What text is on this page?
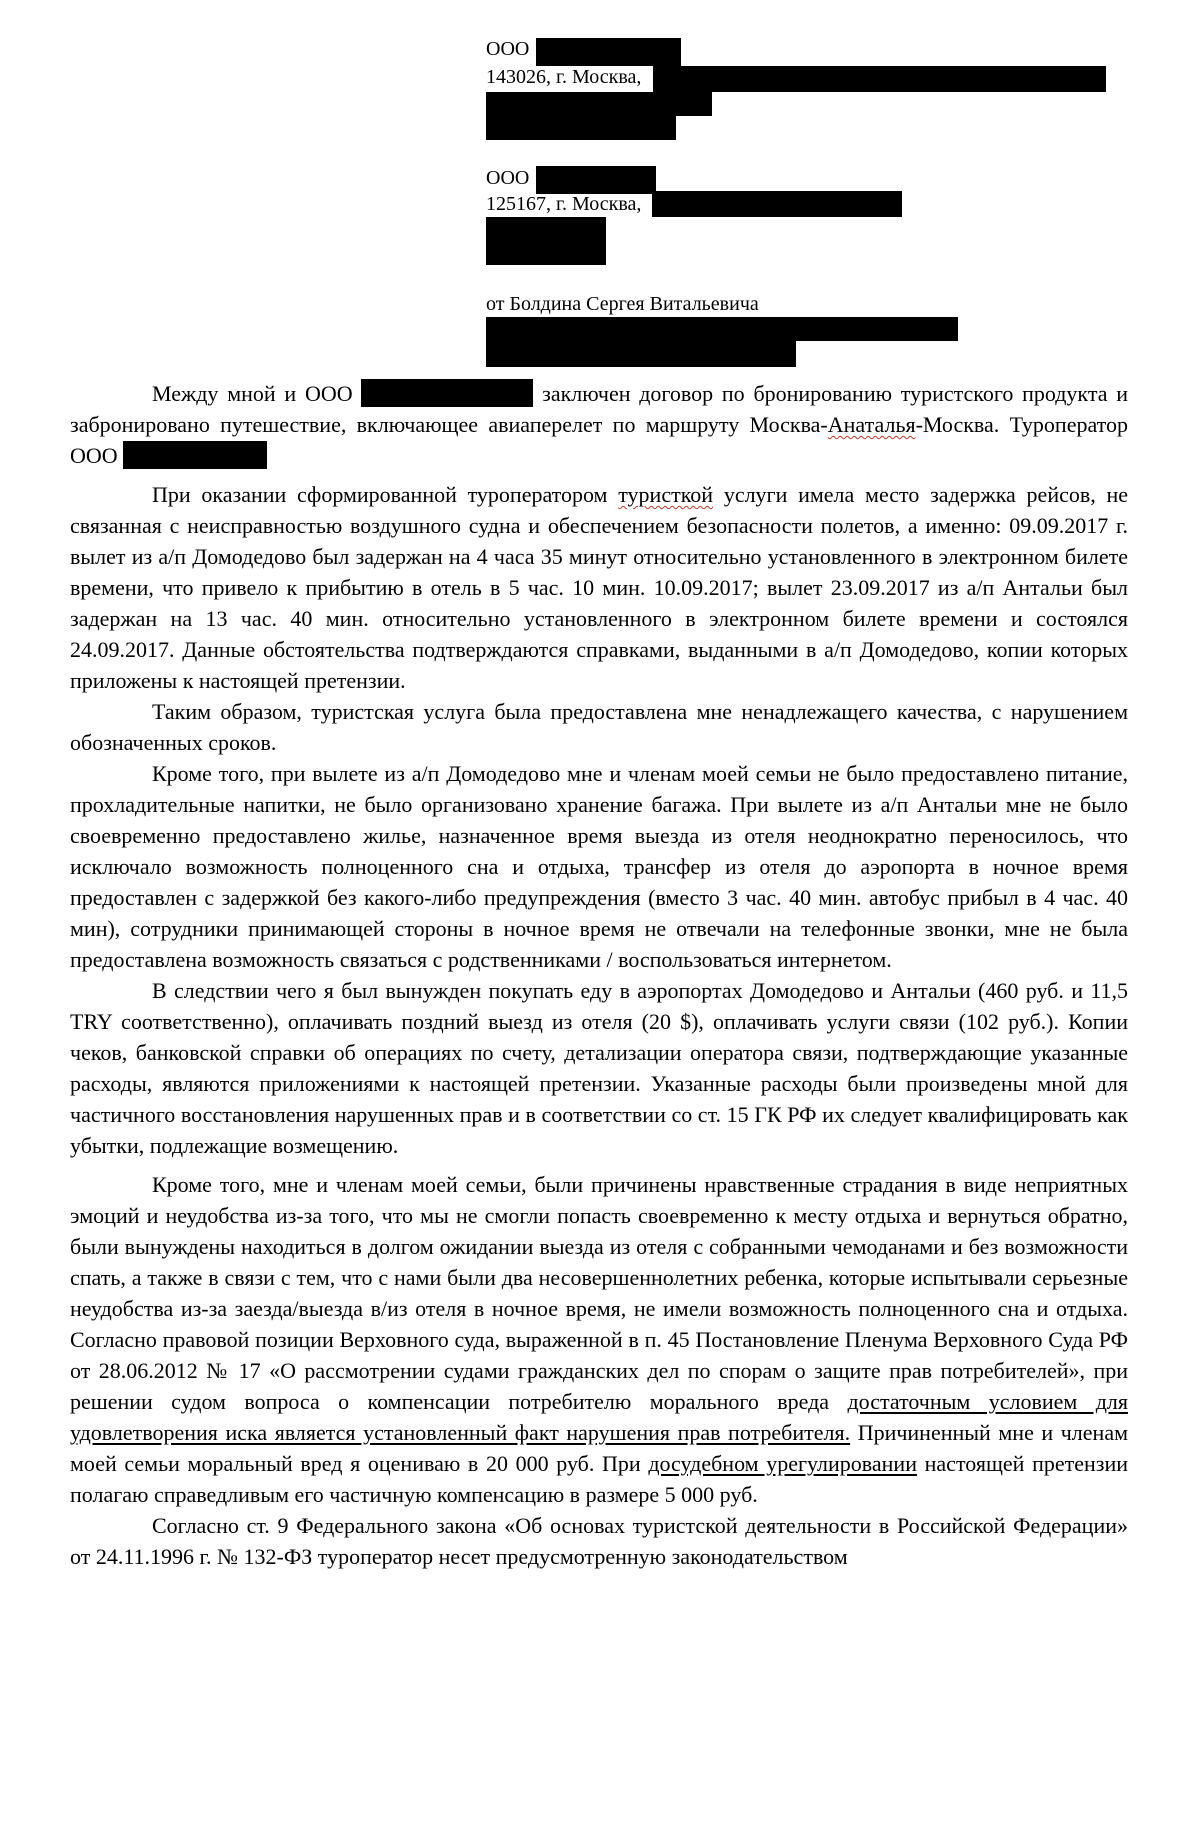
ООО
143026, г. Москва,
ООО
125167, г. Москва,
от Болдина Сергея Витальевича

Между мной и ООО	заключен договор по бронированию туристского продукта и забронировано путешествие, включающее авиаперелет по маршруту Москва-Анаталья-Москва. Туроператор ООО

При оказании сформированной туроператором туристкой услуги имела место задержка рейсов, не связанная с неисправностью воздушного судна и обеспечением безопасности полетов, а именно: 09.09.2017 г. вылет из а/п Домодедово был задержан на 4 часа 35 минут относительно установленного в электронном билете времени, что привело к прибытию в отель в 5 час. 10 мин. 10.09.2017; вылет 23.09.2017 из а/п Антальи был задержан на 13 час. 40 мин. относительно установленного в электронном билете времени и состоялся 24.09.2017. Данные обстоятельства подтверждаются справками, выданными в а/п Домодедово, копии которых приложены к настоящей претензии.

Таким образом, туристская услуга была предоставлена мне ненадлежащего качества, с нарушением обозначенных сроков.

Кроме того, при вылете из а/п Домодедово мне и членам моей семьи не было предоставлено питание, прохладительные напитки, не было организовано хранение багажа. При вылете из а/п Антальи мне не было своевременно предоставлено жилье, назначенное время выезда из отеля неоднократно переносилось, что исключало возможность полноценного сна и отдыха, трансфер из отеля до аэропорта в ночное время предоставлен с задержкой без какого-либо предупреждения (вместо 3 час. 40 мин. автобус прибыл в 4 час. 40 мин), сотрудники принимающей стороны в ночное время не отвечали на телефонные звонки, мне не была предоставлена возможность связаться с родственниками / воспользоваться интернетом.

В следствии чего я был вынужден покупать еду в аэропортах Домодедово и Антальи (460 руб. и 11,5 TRY соответственно), оплачивать поздний выезд из отеля (20 $), оплачивать услуги связи (102 руб.). Копии чеков, банковской справки об операциях по счету, детализации оператора связи, подтверждающие указанные расходы, являются приложениями к настоящей претензии. Указанные расходы были произведены мной для частичного восстановления нарушенных прав и в соответствии со ст. 15 ГК РФ их следует квалифицировать как убытки, подлежащие возмещению.

Кроме того, мне и членам моей семьи, были причинены нравственные страдания в виде неприятных эмоций и неудобства из-за того, что мы не смогли попасть своевременно к месту отдыха и вернуться обратно, были вынуждены находиться в долгом ожидании выезда из отеля с собранными чемоданами и без возможности спать, а также в связи с тем, что с нами были два несовершеннолетних ребенка, которые испытывали серьезные неудобства из-за заезда/выезда в/из отеля в ночное время, не имели возможность полноценного сна и отдыха. Согласно правовой позиции Верховного суда, выраженной в п. 45 Постановление Пленума Верховного Суда РФ от 28.06.2012 № 17 «О рассмотрении судами гражданских дел по спорам о защите прав потребителей», при решении судом вопроса о компенсации потребителю морального вреда достаточным условием для удовлетворения иска является установленный факт нарушения прав потребителя. Причиненный мне и членам моей семьи моральный вред я оцениваю в 20 000 руб. При досудебном урегулировании настоящей претензии полагаю справедливым его частичную компенсацию в размере 5 000 руб.

Согласно ст. 9 Федерального закона «Об основах туристской деятельности в Российской Федерации» от 24.11.1996 г. № 132-ФЗ туроператор несет предусмотренную законодательством
